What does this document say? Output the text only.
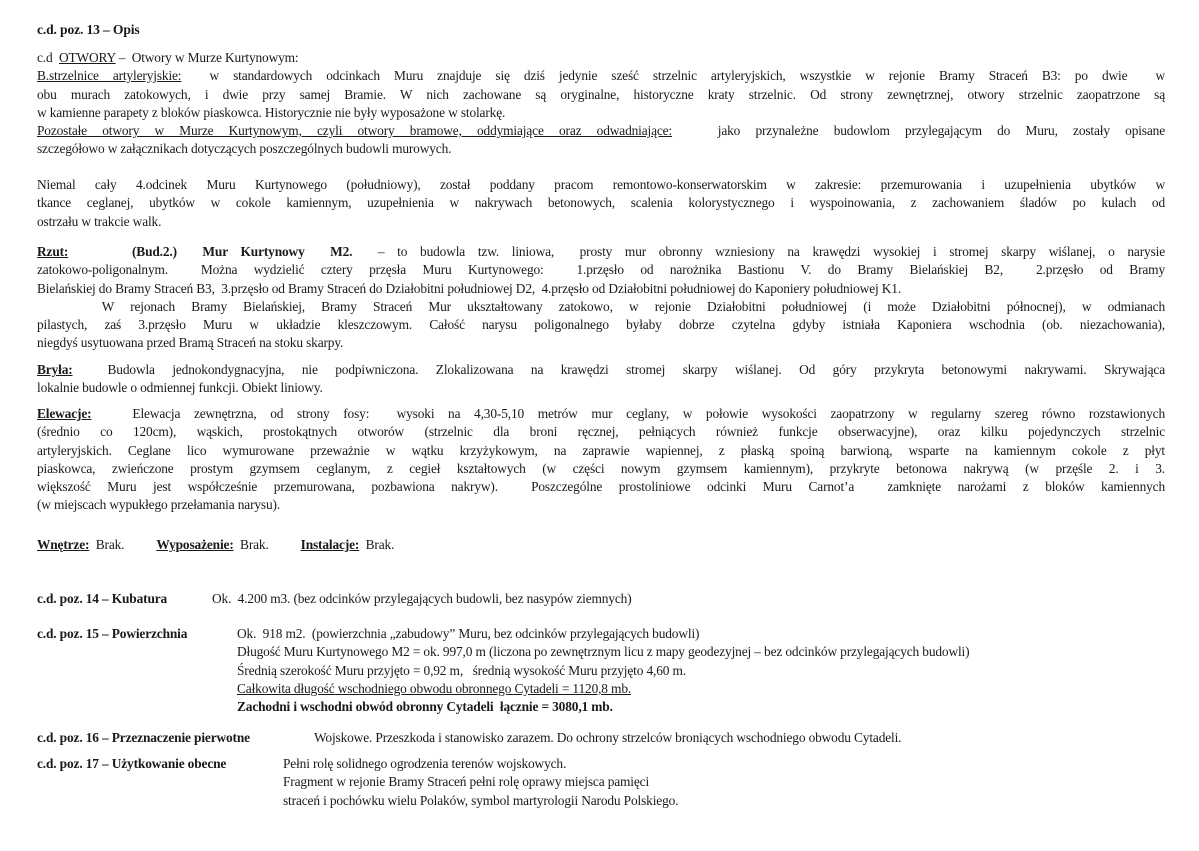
c.d. poz. 13 – Opis
c.d  OTWORY –  Otwory w Murze Kurtynowym:
B.strzelnice artyleryjskie:  w standardowych odcinkach Muru znajduje się dziś jedynie sześć strzelnic artyleryjskich, wszystkie w rejonie Bramy Straceń B3: po dwie  w
obu murach zatokowych, i dwie przy samej Bramie. W nich zachowane są oryginalne, historyczne kraty strzelnic. Od strony zewnętrznej, otwory strzelnic zaopatrzone są
w kamienne parapety z bloków piaskowca. Historycznie nie były wyposażone w stolarkę.
Pozostałe otwory w Murze Kurtynowym, czyli otwory bramowe, oddymiające oraz odwadniające:   jako przynależne budowlom przylegającym do Muru, zostały opisane
szczegółowo w załącznikach dotyczących poszczególnych budowli murowych.
Niemal cały 4.odcinek Muru Kurtynowego (południowy), został poddany pracom remontowo-konserwatorskim w zakresie: przemurowania i uzupełnienia ubytków w
tkance ceglanej, ubytków w cokole kamiennym, uzupełnienia w nakrywach betonowych, scalenia kolorystycznego i wyspoinowania, z zachowaniem śladów po kulach od
ostrzału w trakcie walk.
Rzut:     (Bud.2.)  Mur Kurtynowy  M2.  – to budowla tzw. liniowa,  prosty mur obronny wzniesiony na krawędzi wysokiej i stromej skarpy wiślanej, o narysie
zatokowo-poligonalnym.  Można wydzielić cztery przęsła Muru Kurtynowego:  1.przęsło od narożnika Bastionu V. do Bramy Bielańskiej B2,  2.przęsło od Bramy
Bielańskiej do Bramy Straceń B3,  3.przęsło od Bramy Straceń do Działobitni południowej D2,  4.przęsło od Działobitni południowej do Kaponiery południowej K1.
W rejonach Bramy Bielańskiej, Bramy Straceń Mur ukształtowany zatokowo, w rejonie Działobitni południowej (i może Działobitni północnej), w odmianach
pilastych, zaś 3.przęsło Muru w układzie kleszczowym. Całość narysu poligonalnego byłaby dobrze czytelna gdyby istniała Kaponiera wschodnia (ob. niezachowania),
niegdyś usytuowana przed Bramą Straceń na stoku skarpy.
Bryła:  Budowla jednokondygnacyjna, nie podpiwniczona. Zlokalizowana na krawędzi stromej skarpy wiślanej. Od góry przykryta betonowymi nakrywami. Skrywająca
lokalnie budowle o odmiennej funkcji. Obiekt liniowy.
Elewacje:   Elewacja zewnętrzna, od strony fosy:  wysoki na 4,30-5,10 metrów mur ceglany, w połowie wysokości zaopatrzony w regularny szereg równo rozstawionych
(średnio co 120cm), wąskich, prostokątnych otworów (strzelnic dla broni ręcznej, pełniących również funkcje obserwacyjne), oraz kilku pojedynczych strzelnic
artyleryjskich. Ceglane lico wymurowane przeważnie w wątku krzyżykowym, na zaprawie wapiennej, z płaską spoiną barwioną, wsparte na kamiennym cokole z płyt
piaskowca, zwieńczone prostym gzymsem ceglanym, z cegieł kształtowych (w części nowym gzymsem kamiennym), przykryte betonowa nakrywą (w przęśle 2. i 3.
większość Muru jest współcześnie przemurowana, pozbawiona nakryw).  Poszczególne prostoliniowe odcinki Muru Carnot’a  zamknięte narożami z bloków kamiennych
(w miejscach wypukłego przełamania narysu).
Wnętrze:  Brak.          Wyposażenie:  Brak.          Instalacje:  Brak.
c.d. poz. 14 – Kubatura	Ok.  4.200 m3. (bez odcinków przylegających budowli, bez nasypów ziemnych)
c.d. poz. 15 – Powierzchnia	Ok.  918 m2.  (powierzchnia „zabudowy” Muru, bez odcinków przylegających budowli)
Długość Muru Kurtynowego M2 = ok. 997,0 m (liczona po zewnętrznym licu z mapy geodezyjnej – bez odcinków przylegających budowli)
Średnią szerokość Muru przyjęto = 0,92 m,   średnią wysokość Muru przyjęto 4,60 m.
Całkowita długość wschodniego obwodu obronnego Cytadeli = 1120,8 mb.
Zachodni i wschodni obwód obronny Cytadeli  łącznie = 3080,1 mb.
c.d. poz. 16 – Przeznaczenie pierwotne	Wojskowe. Przeszkoda i stanowisko zarazem. Do ochrony strzelców broniących wschodniego obwodu Cytadeli.
c.d. poz. 17 – Użytkowanie obecne	Pełni rolę solidnego ogrodzenia terenów wojskowych.
Fragment w rejonie Bramy Straceń pełni rolę oprawy miejsca pamięci
straceń i pochówku wielu Polaków, symbol martyrologii Narodu Polskiego.
